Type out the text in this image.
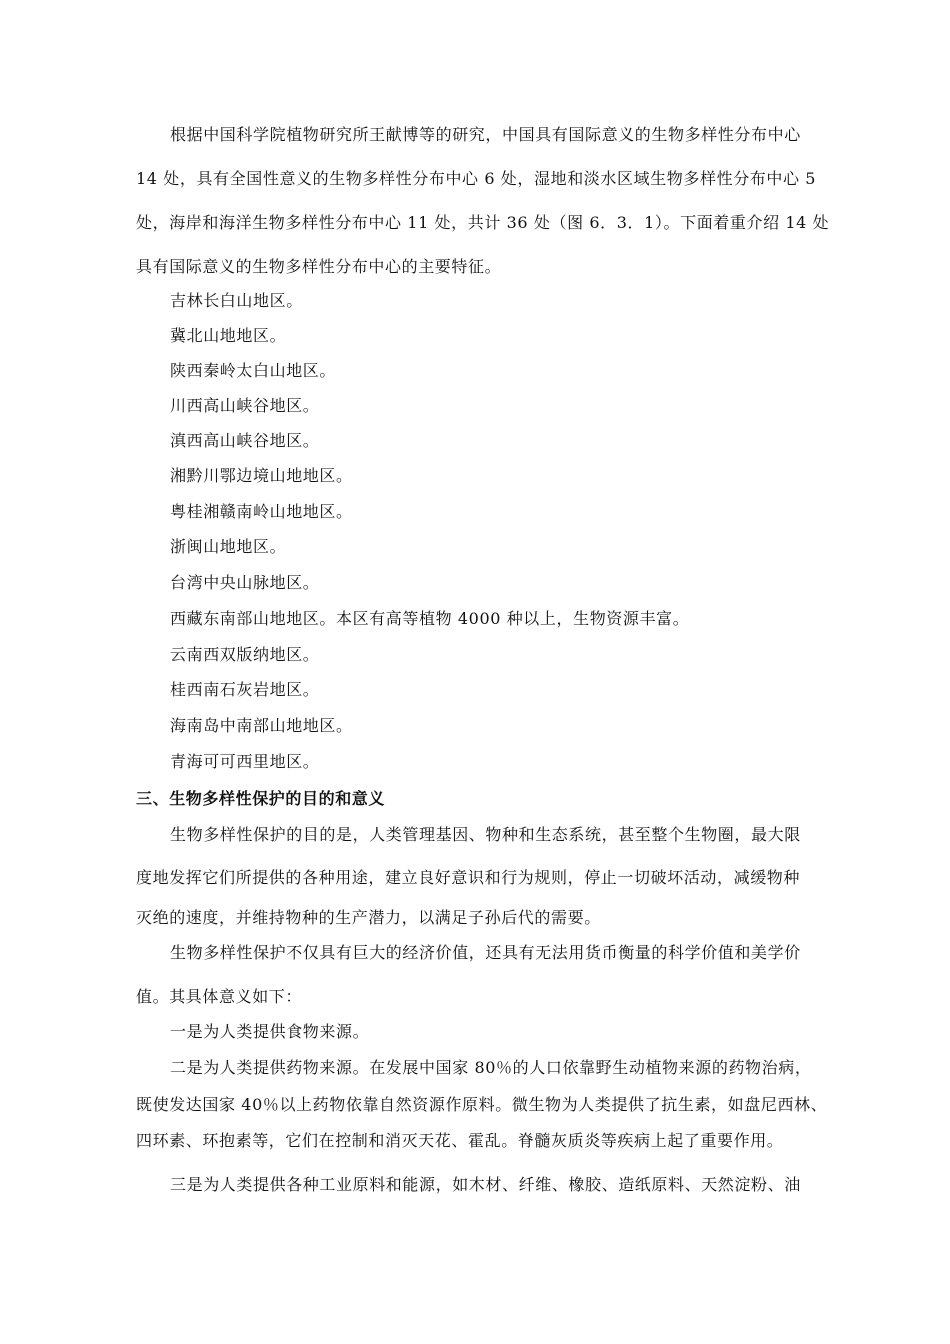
根据中国科学院植物研究所王献博等的研究，中国具有国际意义的生物多样性分布中心
14 处，具有全国性意义的生物多样性分布中心 6 处，湿地和淡水区域生物多样性分布中心 5
处，海岸和海洋生物多样性分布中心 11 处，共计 36 处（图 6．3．1）。下面着重介绍 14 处
具有国际意义的生物多样性分布中心的主要特征。
吉林长白山地区。
冀北山地地区。
陕西秦岭太白山地区。
川西高山峡谷地区。
滇西高山峡谷地区。
湘黔川鄂边境山地地区。
粤桂湘赣南岭山地地区。
浙闽山地地区。
台湾中央山脉地区。
西藏东南部山地地区。本区有高等植物 4000 种以上，生物资源丰富。
云南西双版纳地区。
桂西南石灰岩地区。
海南岛中南部山地地区。
青海可可西里地区。
三、生物多样性保护的目的和意义
生物多样性保护的目的是，人类管理基因、物种和生态系统，甚至整个生物圈，最大限
度地发挥它们所提供的各种用途，建立良好意识和行为规则，停止一切破坏活动，减缓物种
灭绝的速度，并维持物种的生产潜力，以满足子孙后代的需要。
生物多样性保护不仅具有巨大的经济价值，还具有无法用货币衡量的科学价值和美学价
值。其具体意义如下：
一是为人类提供食物来源。
二是为人类提供药物来源。在发展中国家 80％的人口依靠野生动植物来源的药物治病，
既使发达国家 40％以上药物依靠自然资源作原料。微生物为人类提供了抗生素，如盘尼西林、
四环素、环抱素等，它们在控制和消灭天花、霍乱。脊髓灰质炎等疾病上起了重要作用。
三是为人类提供各种工业原料和能源，如木材、纤维、橡胶、造纸原料、天然淀粉、油
